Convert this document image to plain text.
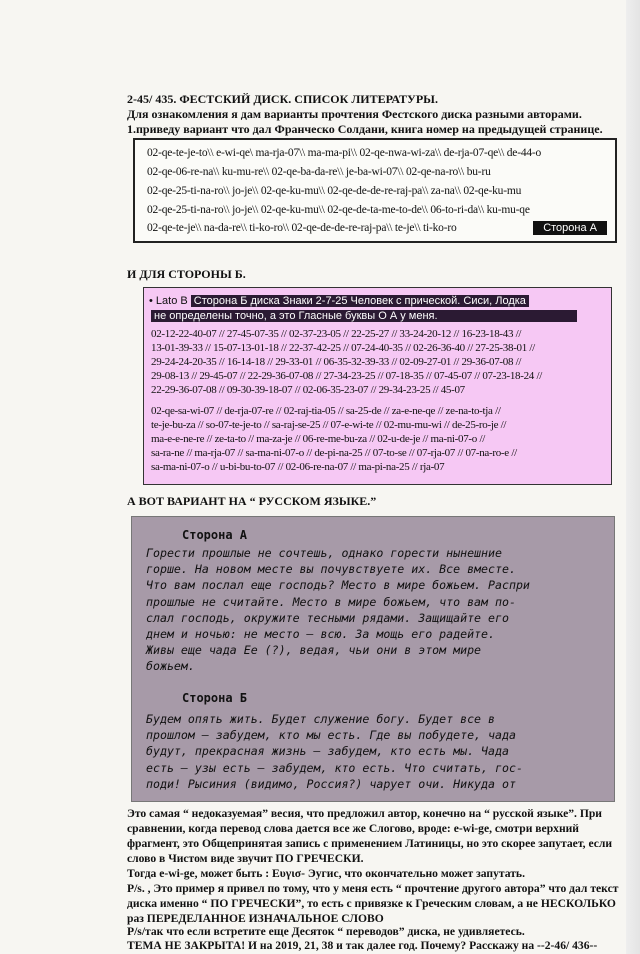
2-45/ 435. ФЕСТСКИЙ ДИСК. СПИСОК ЛИТЕРАТУРЫ.
Для ознакомления я дам варианты прочтения Фестского диска разными авторами.
1.приведу вариант что дал Франческо Солдани, книга номер на предыдущей странице.
02-qe-te-je-to\\ e-wi-qe\ ma-rja-07\\ ma-ma-pi\\ 02-qe-nwa-wi-za\\ de-rja-07-qe\\ de-44-o
02-qe-06-re-na\\ ku-mu-re\\ 02-qe-ba-da-re\\ je-ba-wi-07\\ 02-qe-na-ro\\ bu-ru
02-qe-25-ti-na-ro\\ jo-je\\ 02-qe-ku-mu\\ 02-qe-de-de-re-raj-pa\\ za-na\\ 02-qe-ku-mu
02-qe-25-ti-na-ro\\ jo-je\\ 02-qe-ku-mu\\ 02-qe-de-ta-me-to-de\\ 06-to-ri-da\\ ku-mu-qe
02-qe-te-je\\ na-da-re\\ ti-ko-ro\\ 02-qe-de-de-re-raj-pa\\ te-je\\ ti-ko-ro	Сторона А
И ДЛЯ СТОРОНЫ Б.
• Lato B Сторона Б диска Знаки 2-7-25 Человек с прической. Сиси, Лодка
не определены точно, а это Гласные буквы О А у меня.
02-12-22-40-07 // 27-45-07-35 // 02-37-23-05 // 22-25-27 // 33-24-20-12 // 16-23-18-43 //
13-01-39-33 // 15-07-13-01-18 // 22-37-42-25 // 07-24-40-35 // 02-26-36-40 // 27-25-38-01 //
29-24-24-20-35 // 16-14-18 // 29-33-01 // 06-35-32-39-33 // 02-09-27-01 // 29-36-07-08 //
29-08-13 // 29-45-07 // 22-29-36-07-08 // 27-34-23-25 // 07-18-35 // 07-45-07 // 07-23-18-24 //
22-29-36-07-08 // 09-30-39-18-07 // 02-06-35-23-07 // 29-34-23-25 // 45-07
02-qe-sa-wi-07 // de-rja-07-re // 02-raj-tia-05 // sa-25-de // za-e-ne-qe // ze-na-to-tja //
te-je-bu-za // so-07-te-je-to // sa-raj-se-25 // 07-e-wi-te // 02-mu-mu-wi // de-25-ro-je //
ma-e-e-ne-re // ze-ta-to // ma-za-je // 06-re-me-bu-za // 02-u-de-je // ma-ni-07-o //
sa-ra-ne // ma-rja-07 // sa-ma-ni-07-o // de-pi-na-25 // 07-to-se // 07-rja-07 // 07-na-ro-e //
sa-ma-ni-07-o // u-bi-bu-to-07 // 02-06-re-na-07 // ma-pi-na-25 // rja-07
А ВОТ ВАРИАНТ НА “ РУССКОМ ЯЗЫКЕ.”
Сторона А
Горести прошлые не сочтешь, однако горести нынешние
горше. На новом месте вы почувствуете их. Все вместе.
Что вам послал еще господь? Место в мире божьем. Распри
прошлые не считайте. Место в мире божьем, что вам по-
слал господь, окружите тесными рядами. Защищайте его
днем и ночью: не место — всю. За мощь его радейте.
Живы еще чада Ее (?), ведая, чьи они в этом мире
божьем.
Сторона Б
Будем опять жить. Будет служение богу. Будет все в
прошлом — забудем, кто мы есть. Где вы побудете, чада
будут, прекрасная жизнь — забудем, кто есть мы. Чада
есть — узы есть — забудем, кто есть. Что считать, гос-
поди! Рысиния (видимо, Россия?) чарует очи. Никуда от
Это самая “ недоказуемая” весия, что предложил автор, конечно на “ русской языке”. При сравнении, когда перевод слова дается все же Слогово, вроде: e-wi-ge, смотри верхний фрагмент, это Общепринятая запись с применением Латиницы, но это скорее запутает, если слово в Чистом виде звучит ПО ГРЕЧЕСКИ.
Тогда e-wi-ge, может быть : Ευγισ- Эугис, что окончательно может запутать.
P/s. , Это пример я привел по тому, что у меня есть “ прочтение другого автора” что дал текст диска именно “ ПО ГРЕЧЕСКИ”, то есть с привязке к Греческим словам, а не НЕСКОЛЬКО раз ПЕРЕДЕЛАННОЕ ИЗНАЧАЛЬНОЕ СЛОВО
P/s/так что если встретите еще Десяток “ переводов” диска, не удивляетесь.
ТЕМА НЕ ЗАКРЫТА! И на 2019, 21, 38 и так далее год. Почему? Расскажу на --2-46/ 436--
